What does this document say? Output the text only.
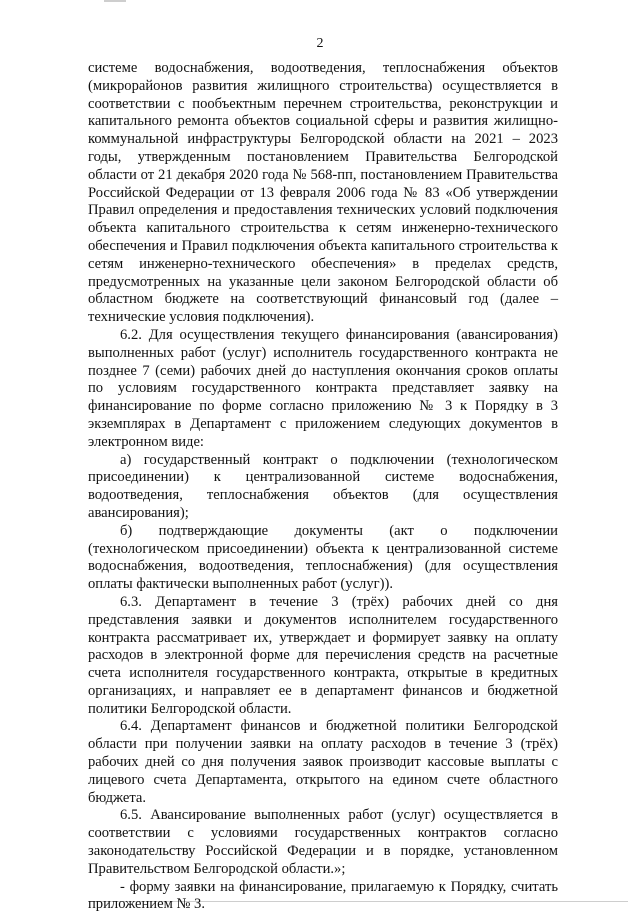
2

системе водоснабжения, водоотведения, теплоснабжения объектов (микрорайонов развития жилищного строительства) осуществляется в соответствии с пообъектным перечнем строительства, реконструкции и капитального ремонта объектов социальной сферы и развития жилищно-коммунальной инфраструктуры Белгородской области на 2021 – 2023 годы, утвержденным постановлением Правительства Белгородской области от 21 декабря 2020 года № 568-пп, постановлением Правительства Российской Федерации от 13 февраля 2006 года № 83 «Об утверждении Правил определения и предоставления технических условий подключения объекта капитального строительства к сетям инженерно-технического обеспечения и Правил подключения объекта капитального строительства к сетям инженерно-технического обеспечения» в пределах средств, предусмотренных на указанные цели законом Белгородской области об областном бюджете на соответствующий финансовый год (далее – технические условия подключения).

6.2. Для осуществления текущего финансирования (авансирования) выполненных работ (услуг) исполнитель государственного контракта не позднее 7 (семи) рабочих дней до наступления окончания сроков оплаты по условиям государственного контракта представляет заявку на финансирование по форме согласно приложению № 3 к Порядку в 3 экземплярах в Департамент с приложением следующих документов в электронном виде:

а) государственный контракт о подключении (технологическом присоединении) к централизованной системе водоснабжения, водоотведения, теплоснабжения объектов (для осуществления авансирования);

б) подтверждающие документы (акт о подключении (технологическом присоединении) объекта к централизованной системе водоснабжения, водоотведения, теплоснабжения) (для осуществления оплаты фактически выполненных работ (услуг)).

6.3. Департамент в течение 3 (трёх) рабочих дней со дня представления заявки и документов исполнителем государственного контракта рассматривает их, утверждает и формирует заявку на оплату расходов в электронной форме для перечисления средств на расчетные счета исполнителя государственного контракта, открытые в кредитных организациях, и направляет ее в департамент финансов и бюджетной политики Белгородской области.

6.4. Департамент финансов и бюджетной политики Белгородской области при получении заявки на оплату расходов в течение 3 (трёх) рабочих дней со дня получения заявок производит кассовые выплаты с лицевого счета Департамента, открытого на едином счете областного бюджета.

6.5. Авансирование выполненных работ (услуг) осуществляется в соответствии с условиями государственных контрактов согласно законодательству Российской Федерации и в порядке, установленном Правительством Белгородской области.»;

- форму заявки на финансирование, прилагаемую к Порядку, считать приложением № 3.
